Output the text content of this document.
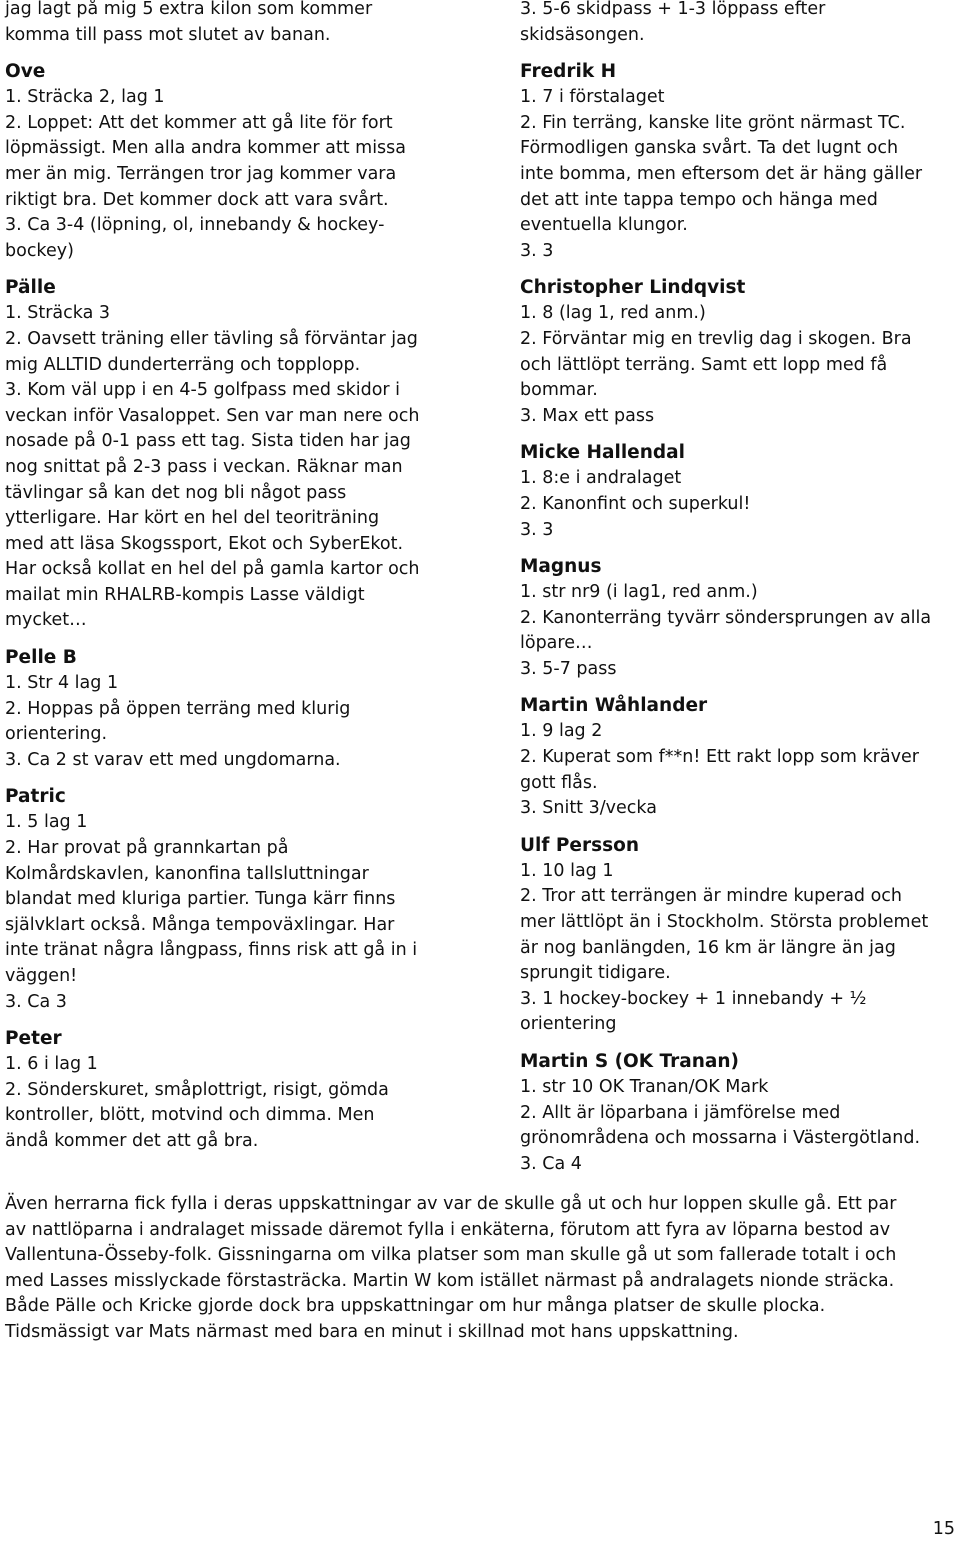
jag lagt på mig 5 extra kilon som kommer
komma till pass mot slutet av banan.
Ove
1. Sträcka 2, lag 1
2. Loppet: Att det kommer att gå lite för fort
löpmässigt. Men alla andra kommer att missa
mer än mig. Terrängen tror jag kommer vara
riktigt bra. Det kommer dock att vara svårt.
3. Ca 3-4 (löpning, ol, innebandy & hockey-
bockey)
Pälle
1. Sträcka 3
2. Oavsett träning eller tävling så förväntar jag
mig ALLTID dunderterräng och topplopp.
3. Kom väl upp i en 4-5 golfpass med skidor i
veckan inför Vasaloppet. Sen var man nere och
nosade på 0-1 pass ett tag. Sista tiden har jag
nog snittat på 2-3 pass i veckan. Räknar man
tävlingar så kan det nog bli något pass
ytterligare. Har kört en hel del teoriträning
med att läsa Skogssport, Ekot och SyberEkot.
Har också kollat en hel del på gamla kartor och
mailat min RHALRB-kompis Lasse väldigt
mycket…
Pelle B
1. Str 4 lag 1
2. Hoppas på öppen terräng med klurig
orientering.
3. Ca 2 st varav ett med ungdomarna.
Patric
1. 5 lag 1
2. Har provat på grannkartan på
Kolmårdskavlen, kanonfina tallsluttningar
blandat med kluriga partier. Tunga kärr finns
självklart också. Många tempoväxlingar. Har
inte tränat några långpass, finns risk att gå in i
väggen!
3. Ca 3
Peter
1. 6 i lag 1
2. Sönderskuret, småplottrigt, risigt, gömda
kontroller, blött, motvind och dimma. Men
ändå kommer det att gå bra.
3. 5-6 skidpass + 1-3 löppass efter
skidsäsongen.
Fredrik H
1. 7 i förstalaget
2. Fin terräng, kanske lite grönt närmast TC.
Förmodligen ganska svårt. Ta det lugnt och
inte bomma, men eftersom det är häng gäller
det att inte tappa tempo och hänga med
eventuella klungor.
3. 3
Christopher Lindqvist
1. 8 (lag 1, red anm.)
2. Förväntar mig en trevlig dag i skogen. Bra
och lättlöpt terräng. Samt ett lopp med få
bommar.
3. Max ett pass
Micke Hallendal
1. 8:e i andralaget
2. Kanonfint och superkul!
3. 3
Magnus
1. str nr9 (i lag1, red anm.)
2. Kanonterräng tyvärr söndersprungen av alla
löpare…
3. 5-7 pass
Martin Wåhlander
1. 9 lag 2
2. Kuperat som f**n! Ett rakt lopp som kräver
gott flås.
3. Snitt 3/vecka
Ulf Persson
1. 10 lag 1
2. Tror att terrängen är mindre kuperad och
mer lättlöpt än i Stockholm. Största problemet
är nog banlängden, 16 km är längre än jag
sprungit tidigare.
3. 1 hockey-bockey + 1 innebandy + ½
orientering
Martin S (OK Tranan)
1. str 10 OK Tranan/OK Mark
2. Allt är löparbana i jämförelse med
grönområdena och mossarna i Västergötland.
3. Ca 4
Även herrarna fick fylla i deras uppskattningar av var de skulle gå ut och hur loppen skulle gå. Ett par
av nattlöparna i andralaget missade däremot fylla i enkäterna, förutom att fyra av löparna bestod av
Vallentuna-Össeby-folk. Gissningarna om vilka platser som man skulle gå ut som fallerade totalt i och
med Lasses misslyckade förstasträcka. Martin W kom istället närmast på andralagets nionde sträcka.
Både Pälle och Kricke gjorde dock bra uppskattningar om hur många platser de skulle plocka.
Tidsmässigt var Mats närmast med bara en minut i skillnad mot hans uppskattning.
15
